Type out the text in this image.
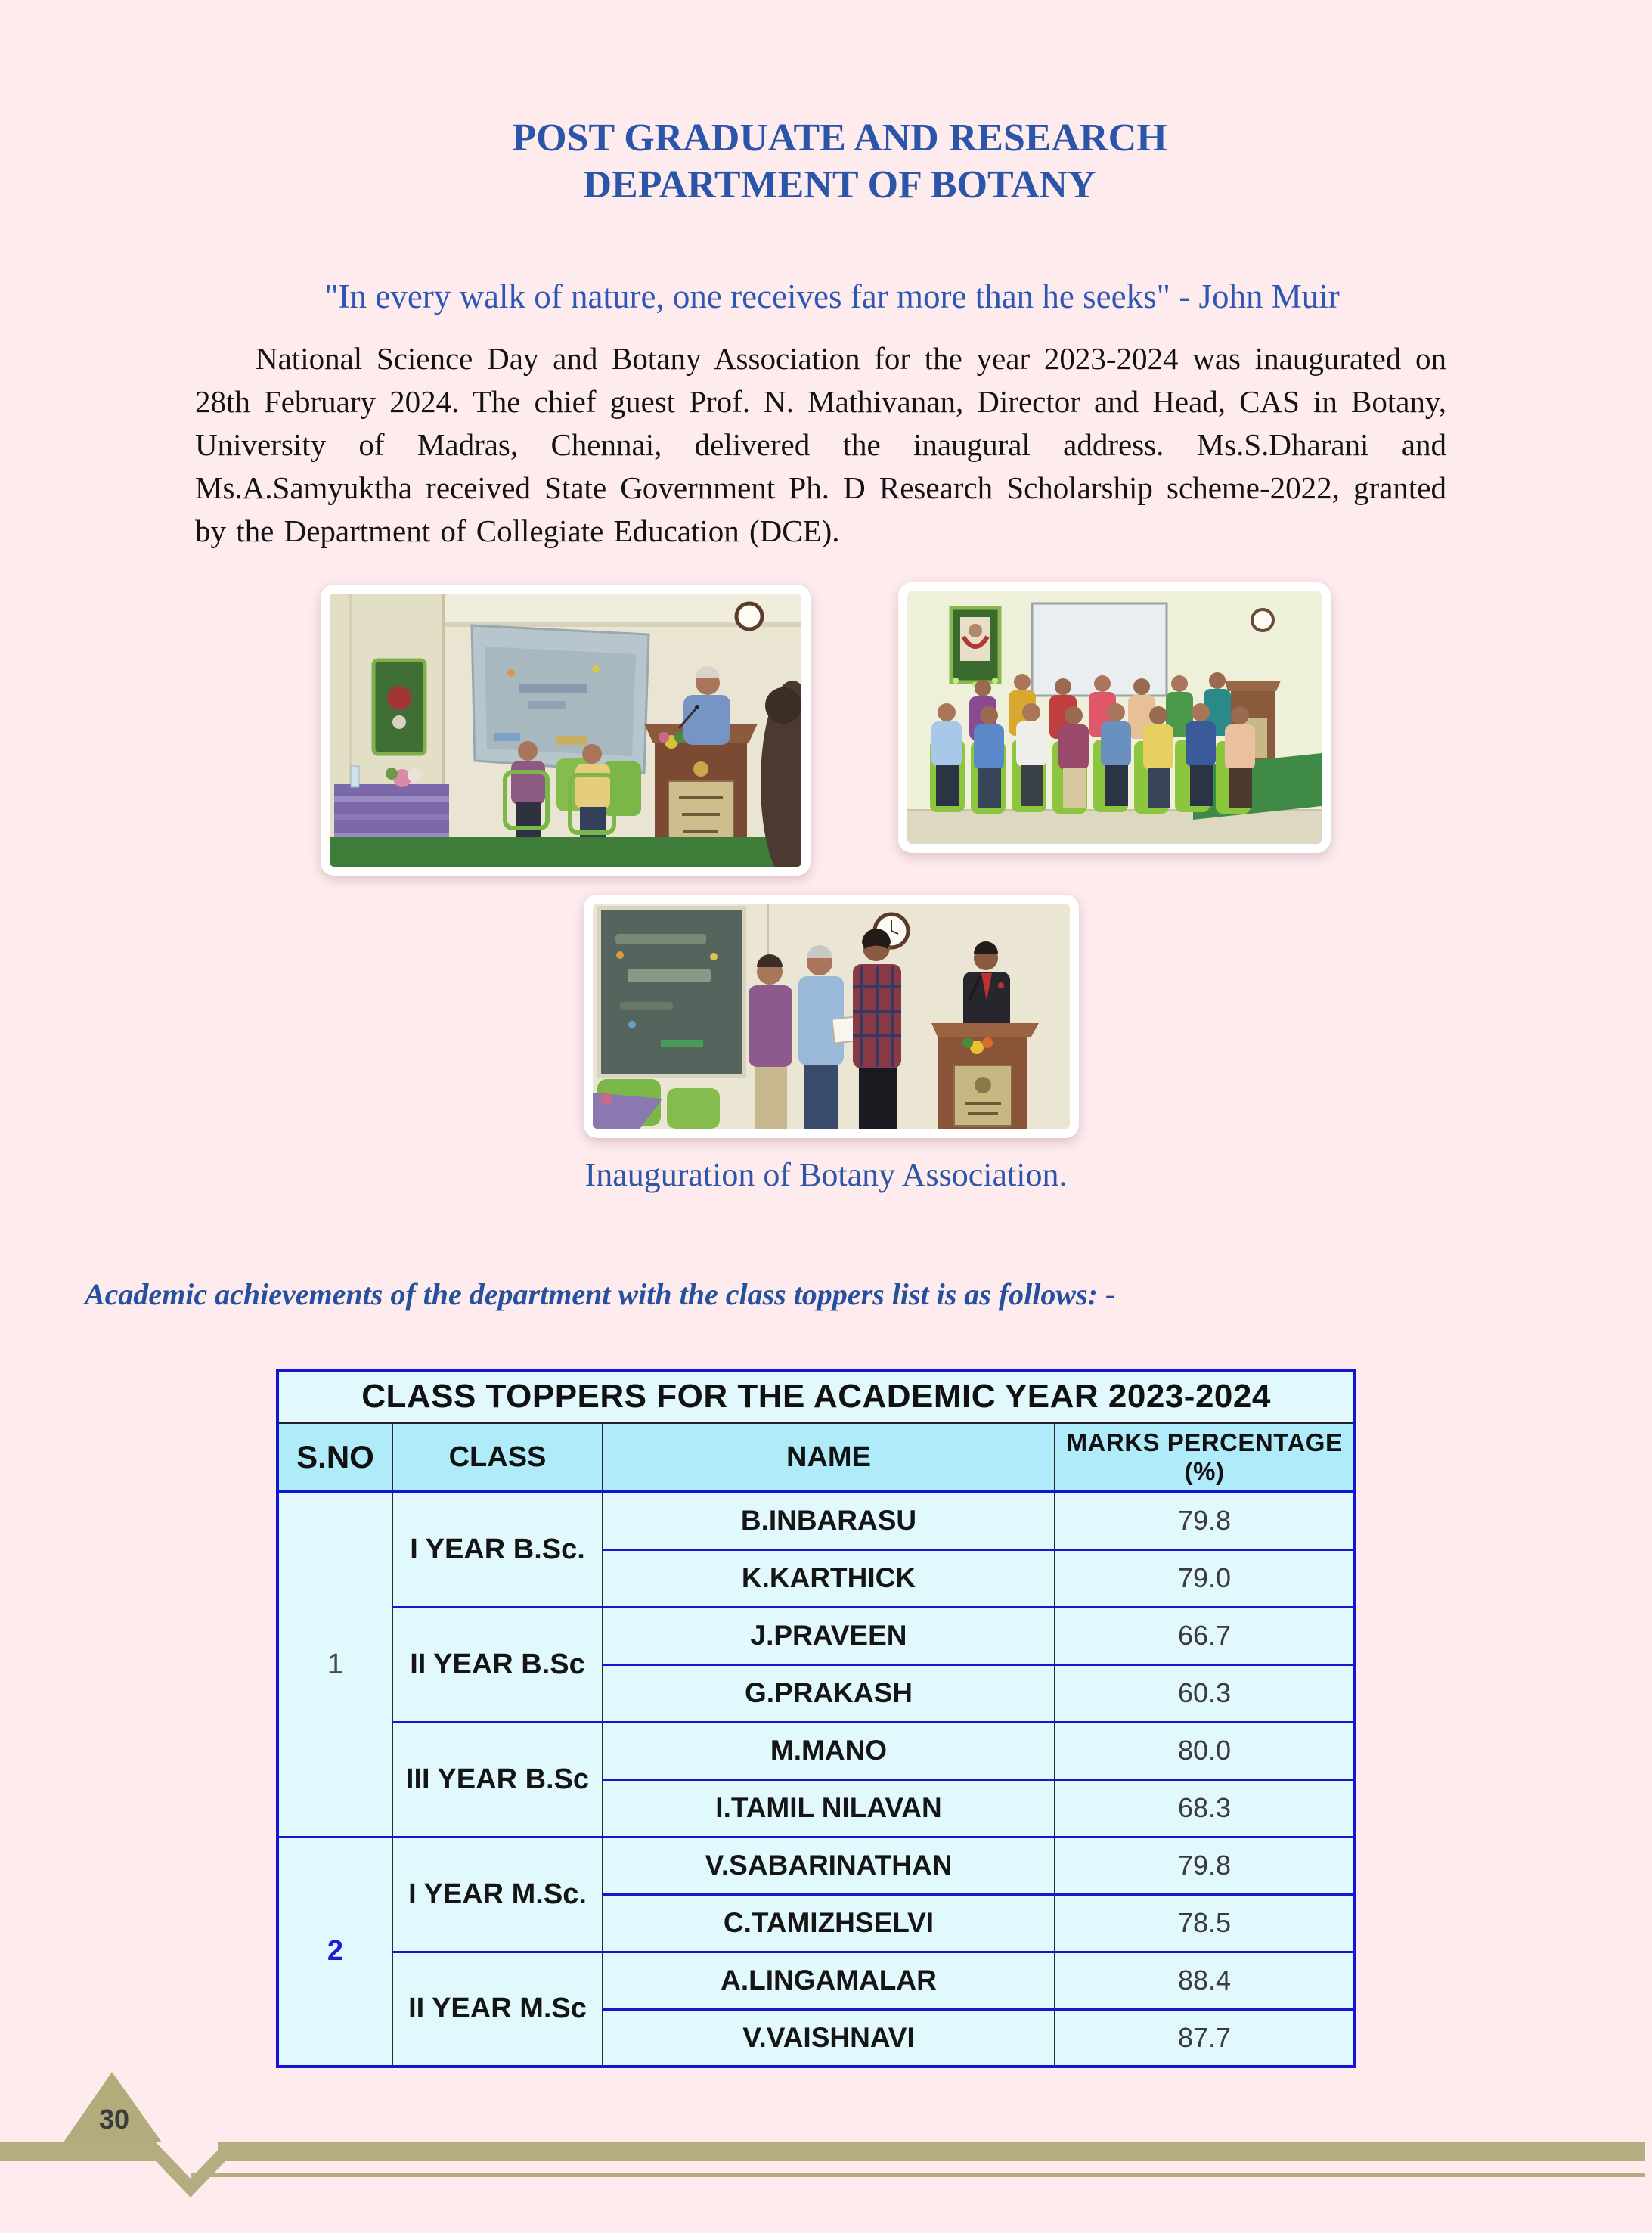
POST GRADUATE AND RESEARCH
DEPARTMENT OF BOTANY
"In every walk of nature, one receives far more than he seeks" - John Muir

National Science Day and Botany Association for the year 2023-2024 was inaugurated on 28th February 2024. The chief guest Prof. N. Mathivanan, Director and Head, CAS in Botany, University of Madras, Chennai, delivered the inaugural address. Ms.S.Dharani and Ms.A.Samyuktha received State Government Ph. D Research Scholarship scheme-2022, granted by the Department of Collegiate Education (DCE).

Inauguration of Botany Association.
Academic achievements of the department with the class toppers list is as follows: -
CLASS TOPPERS FOR THE ACADEMIC YEAR 2023-2024			
S.NO	CLASS	NAME	MARKS PERCENTAGE (%)
1	I YEAR B.Sc.	B.INBARASU	79.8
		K.KARTHICK	79.0
	II YEAR B.Sc	J.PRAVEEN	66.7
		G.PRAKASH	60.3
	III YEAR B.Sc	M.MANO	80.0
		I.TAMIL NILAVAN	68.3
2	I YEAR M.Sc.	V.SABARINATHAN	79.8
		C.TAMIZHSELVI	78.5
	II YEAR M.Sc	A.LINGAMALAR	88.4
		V.VAISHNAVI	87.7
30
